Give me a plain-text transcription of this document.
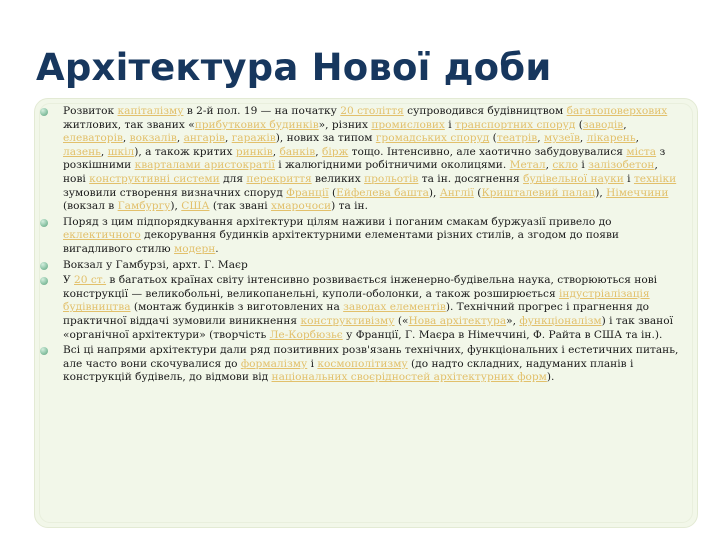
Архітектура Нової доби
Розвиток капіталізму в 2-й пол. 19 — на початку 20 століття супроводився будівництвом багатоповерхових житлових, так званих «прибуткових будинків», різних промислових і транспортних споруд (заводів, елеваторів, вокзалів, ангарів, гаражів), нових за типом громадських споруд (театрів, музеїв, лікарень, лазень, шкіл), а також критих ринків, банків, бірж тощо. Інтенсивно, але хаотично забудовувалися міста з розкішними кварталами аристократії і жалюгідними робітничими околицями. Метал, скло і залізобетон, нові конструктивні системи для перекриття великих прольотів та ін. досягнення будівельної науки і техніки зумовили створення визначних споруд Франції (Ейфелева башта), Англії (Кришталевий палац), Німеччини (вокзал в Гамбургу), США (так звані хмарочоси) та ін.
Поряд з цим підпорядкування архітектури цілям наживи і поганим смакам буржуазії привело до еклектичного декорування будинків архітектурними елементами різних стилів, а згодом до появи вигадливого стилю модерн.
Вокзал у Гамбурзі, архт. Г. Маєр
У 20 ст. в багатьох країнах світу інтенсивно розвивається інженерно-будівельна наука, створюються нові конструкції — великобольні, великопанельні, куполи-оболонки, а також розширюється індустріалізація будівництва (монтаж будинків з виготовлених на заводах елементів). Технічний прогрес і прагнення до практичної віддачі зумовили виникнення конструктивізму («Нова архітектура», функціоналізм) і так званої «органічної архітектури» (творчість Ле-Корбюзьє у Франції, Г. Маєра в Німеччині, Ф. Райта в США та ін.).
Всі ці напрями архітектури дали ряд позитивних розв'язань технічних, функціональних і естетичних питань, але часто вони скочувалися до формалізму і космополітизму (до надто складних, надуманих планів і конструкцій будівель, до відмови від національних своєрідностей архітектурних форм).
